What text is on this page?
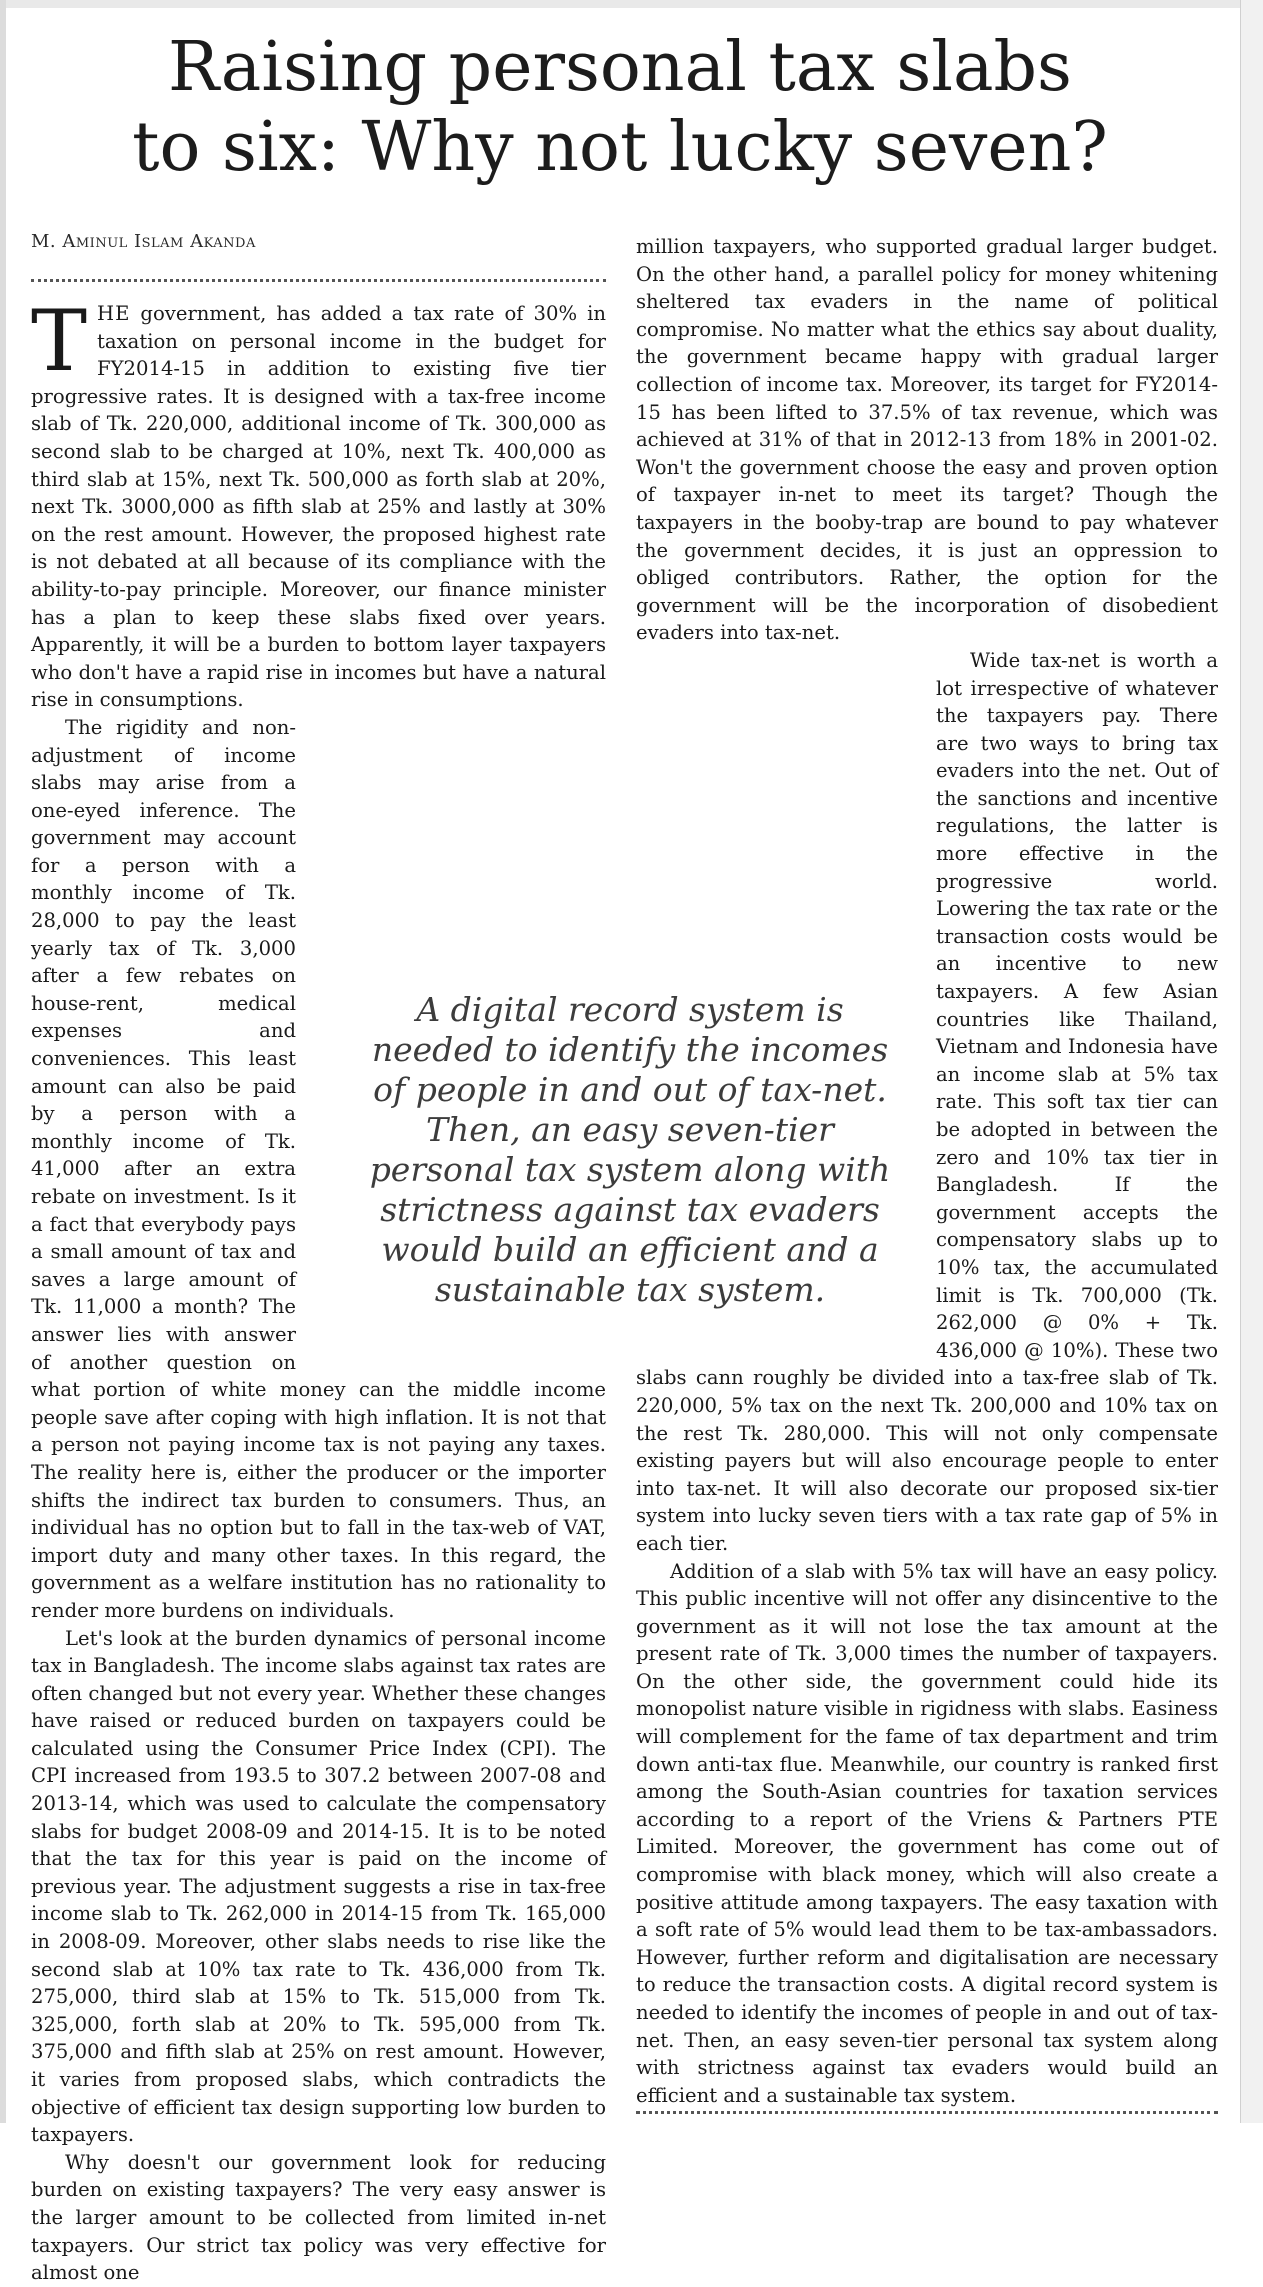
Raising personal tax slabs
to six: Why not lucky seven?
M. Aminul Islam Akanda

THE government, has added a tax rate of 30% in taxation on personal income in the budget for FY2014-15 in addition to existing five tier progressive rates. It is designed with a tax-free income slab of Tk. 220,000, additional income of Tk. 300,000 as second slab to be charged at 10%, next Tk. 400,000 as third slab at 15%, next Tk. 500,000 as forth slab at 20%, next Tk. 3000,000 as fifth slab at 25% and lastly at 30% on the rest amount. However, the proposed highest rate is not debated at all because of its compliance with the ability-to-pay principle. Moreover, our finance minister has a plan to keep these slabs fixed over years. Apparently, it will be a burden to bottom layer taxpayers who don't have a rapid rise in incomes but have a natural rise in consumptions.

The rigidity and non-adjustment of income slabs may arise from a one-eyed inference. The government may account for a person with a monthly income of Tk. 28,000 to pay the least yearly tax of Tk. 3,000 after a few rebates on house-rent, medical expenses and conveniences. This least amount can also be paid by a person with a monthly income of Tk. 41,000 after an extra rebate on investment. Is it a fact that everybody pays a small amount of tax and saves a large amount of Tk. 11,000 a month? The answer lies with answer of another question on what portion of white money can the middle income people save after coping with high inflation. It is not that a person not paying income tax is not paying any taxes. The reality here is, either the producer or the importer shifts the indirect tax burden to consumers. Thus, an individual has no option but to fall in the tax-web of VAT, import duty and many other taxes. In this regard, the government as a welfare institution has no rationality to render more burdens on individuals.

Let's look at the burden dynamics of personal income tax in Bangladesh. The income slabs against tax rates are often changed but not every year. Whether these changes have raised or reduced burden on taxpayers could be calculated using the Consumer Price Index (CPI). The CPI increased from 193.5 to 307.2 between 2007-08 and 2013-14, which was used to calculate the compensatory slabs for budget 2008-09 and 2014-15. It is to be noted that the tax for this year is paid on the income of previous year. The adjustment suggests a rise in tax-free income slab to Tk. 262,000 in 2014-15 from Tk. 165,000 in 2008-09. Moreover, other slabs needs to rise like the second slab at 10% tax rate to Tk. 436,000 from Tk. 275,000, third slab at 15% to Tk. 515,000 from Tk. 325,000, forth slab at 20% to Tk. 595,000 from Tk. 375,000 and fifth slab at 25% on rest amount. However, it varies from proposed slabs, which contradicts the objective of efficient tax design supporting low burden to taxpayers.

Why doesn't our government look for reducing burden on existing taxpayers? The very easy answer is the larger amount to be collected from limited in-net taxpayers. Our strict tax policy was very effective for almost one

million taxpayers, who supported gradual larger budget. On the other hand, a parallel policy for money whitening sheltered tax evaders in the name of political compromise. No matter what the ethics say about duality, the government became happy with gradual larger collection of income tax. Moreover, its target for FY2014-15 has been lifted to 37.5% of tax revenue, which was achieved at 31% of that in 2012-13 from 18% in 2001-02. Won't the government choose the easy and proven option of taxpayer in-net to meet its target? Though the taxpayers in the booby-trap are bound to pay whatever the government decides, it is just an oppression to obliged contributors. Rather, the option for the government will be the incorporation of disobedient evaders into tax-net.

Wide tax-net is worth a lot irrespective of whatever the taxpayers pay. There are two ways to bring tax evaders into the net. Out of the sanctions and incentive regulations, the latter is more effective in the progressive world. Lowering the tax rate or the transaction costs would be an incentive to new taxpayers. A few Asian countries like Thailand, Vietnam and Indonesia have an income slab at 5% tax rate. This soft tax tier can be adopted in between the zero and 10% tax tier in Bangladesh. If the government accepts the compensatory slabs up to 10% tax, the accumulated limit is Tk. 700,000 (Tk. 262,000 @ 0% + Tk. 436,000 @ 10%). These two slabs cann roughly be divided into a tax-free slab of Tk. 220,000, 5% tax on the next Tk. 200,000 and 10% tax on the rest Tk. 280,000. This will not only compensate existing payers but will also encourage people to enter into tax-net. It will also decorate our proposed six-tier system into lucky seven tiers with a tax rate gap of 5% in each tier.

Addition of a slab with 5% tax will have an easy policy. This public incentive will not offer any disincentive to the government as it will not lose the tax amount at the present rate of Tk. 3,000 times the number of taxpayers. On the other side, the government could hide its monopolist nature visible in rigidness with slabs. Easiness will complement for the fame of tax department and trim down anti-tax flue. Meanwhile, our country is ranked first among the South-Asian countries for taxation services according to a report of the Vriens & Partners PTE Limited. Moreover, the government has come out of compromise with black money, which will also create a positive attitude among taxpayers. The easy taxation with a soft rate of 5% would lead them to be tax-ambassadors. However, further reform and digitalisation are necessary to reduce the transaction costs. A digital record system is needed to identify the incomes of people in and out of tax-net. Then, an easy seven-tier personal tax system along with strictness against tax evaders would build an efficient and a sustainable tax system.

A digital record system is needed to identify the incomes of people in and out of tax-net. Then, an easy seven-tier personal tax system along with strictness against tax evaders would build an efficient and a sustainable tax system.
